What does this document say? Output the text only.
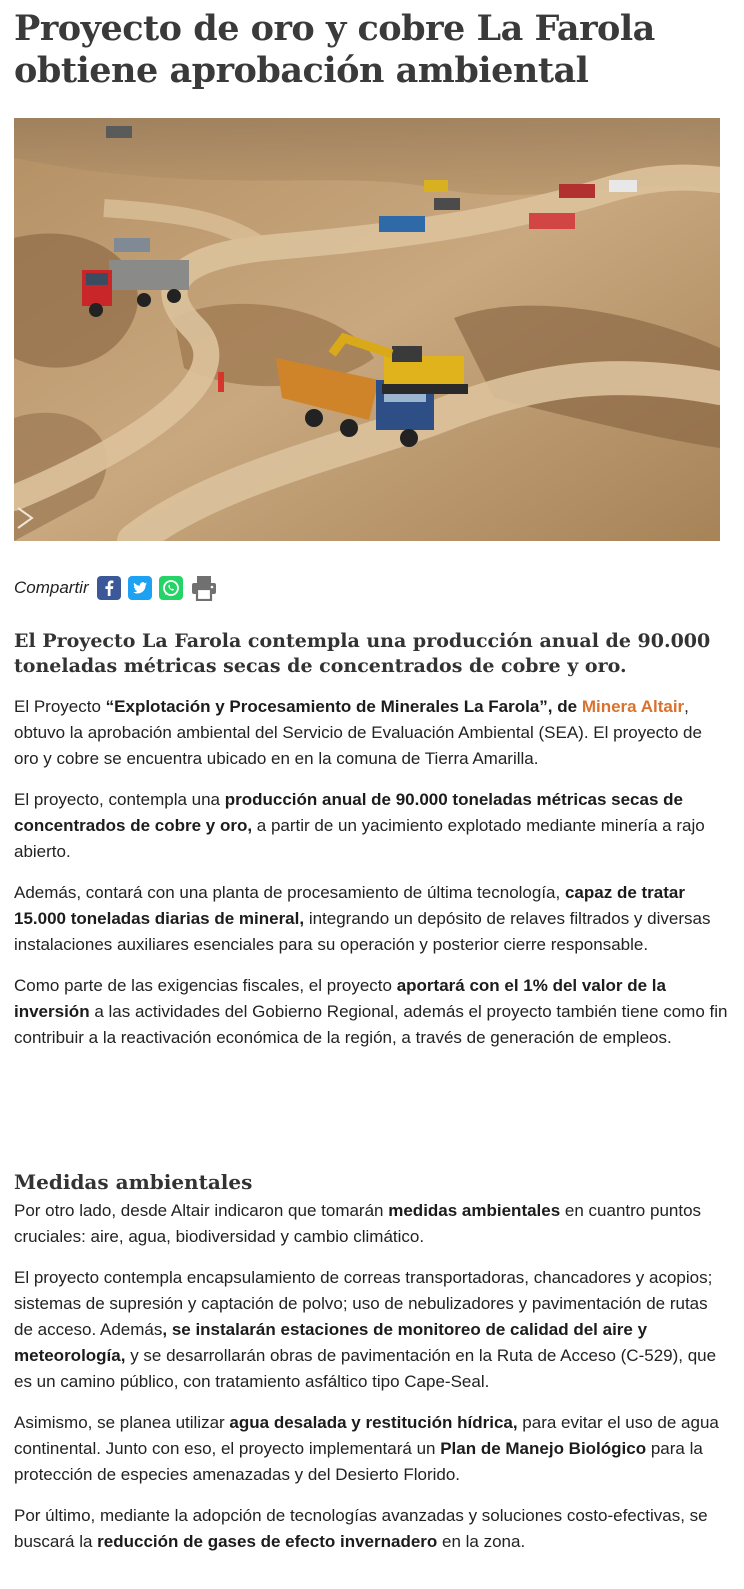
Proyecto de oro y cobre La Farola obtiene aprobación ambiental
Compartir

El Proyecto La Farola contempla una producción anual de 90.000 toneladas métricas secas de concentrados de cobre y oro.

El Proyecto “Explotación y Procesamiento de Minerales La Farola”, de Minera Altair, obtuvo la aprobación ambiental del Servicio de Evaluación Ambiental (SEA). El proyecto de oro y cobre se encuentra ubicado en en la comuna de Tierra Amarilla.

El proyecto, contempla una producción anual de 90.000 toneladas métricas secas de concentrados de cobre y oro, a partir de un yacimiento explotado mediante minería a rajo abierto.

Además, contará con una planta de procesamiento de última tecnología, capaz de tratar 15.000 toneladas diarias de mineral, integrando un depósito de relaves filtrados y diversas instalaciones auxiliares esenciales para su operación y posterior cierre responsable.

Como parte de las exigencias fiscales, el proyecto aportará con el 1% del valor de la inversión a las actividades del Gobierno Regional, además el proyecto también tiene como fin contribuir a la reactivación económica de la región, a través de generación de empleos.

Medidas ambientales

Por otro lado, desde Altair indicaron que tomarán medidas ambientales en cuantro puntos cruciales: aire, agua, biodiversidad y cambio climático.

El proyecto contempla encapsulamiento de correas transportadoras, chancadores y acopios; sistemas de supresión y captación de polvo; uso de nebulizadores y pavimentación de rutas de acceso. Además, se instalarán estaciones de monitoreo de calidad del aire y meteorología, y se desarrollarán obras de pavimentación en la Ruta de Acceso (C-529), que es un camino público, con tratamiento asfáltico tipo Cape-Seal.

Asimismo, se planea utilizar agua desalada y restitución hídrica, para evitar el uso de agua continental. Junto con eso, el proyecto implementará un Plan de Manejo Biológico para la protección de especies amenazadas y del Desierto Florido.

Por último, mediante la adopción de tecnologías avanzadas y soluciones costo-efectivas, se buscará la reducción de gases de efecto invernadero en la zona.
